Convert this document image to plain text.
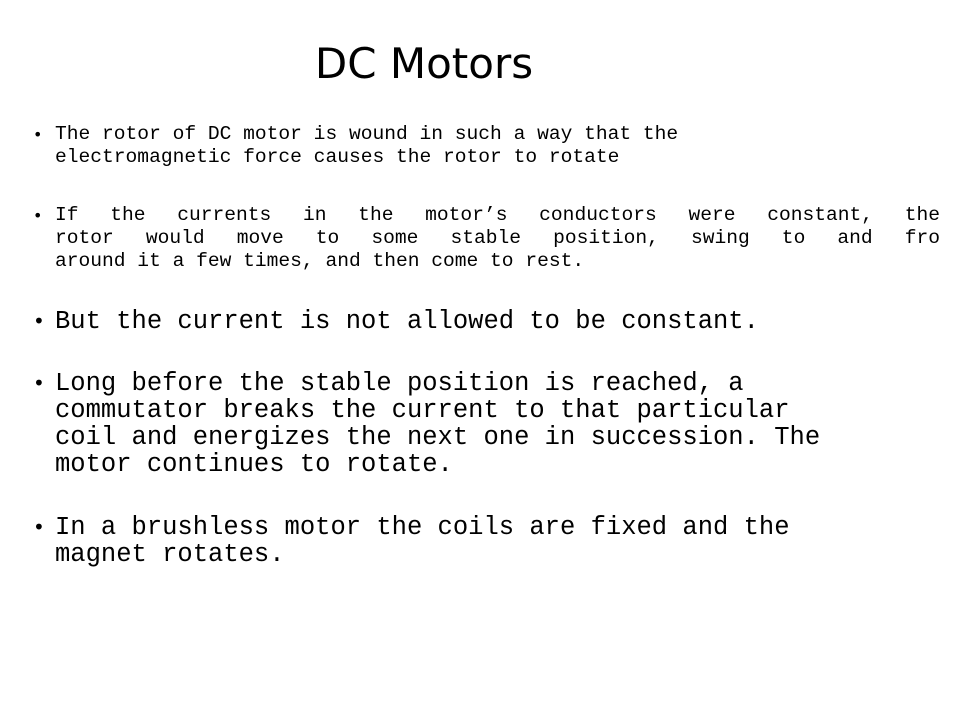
DC Motors
• The rotor of DC motor is wound in such a way that the
electromagnetic force causes the rotor to rotate
• If the currents in the motor’s conductors were constant, the
rotor would move to some stable position, swing to and fro
around it a few times, and then come to rest.
• But the current is not allowed to be constant.
• Long before the stable position is reached, a
commutator breaks the current to that particular
coil and energizes the next one in succession. The
motor continues to rotate.
• In a brushless motor the coils are fixed and the
magnet rotates.
